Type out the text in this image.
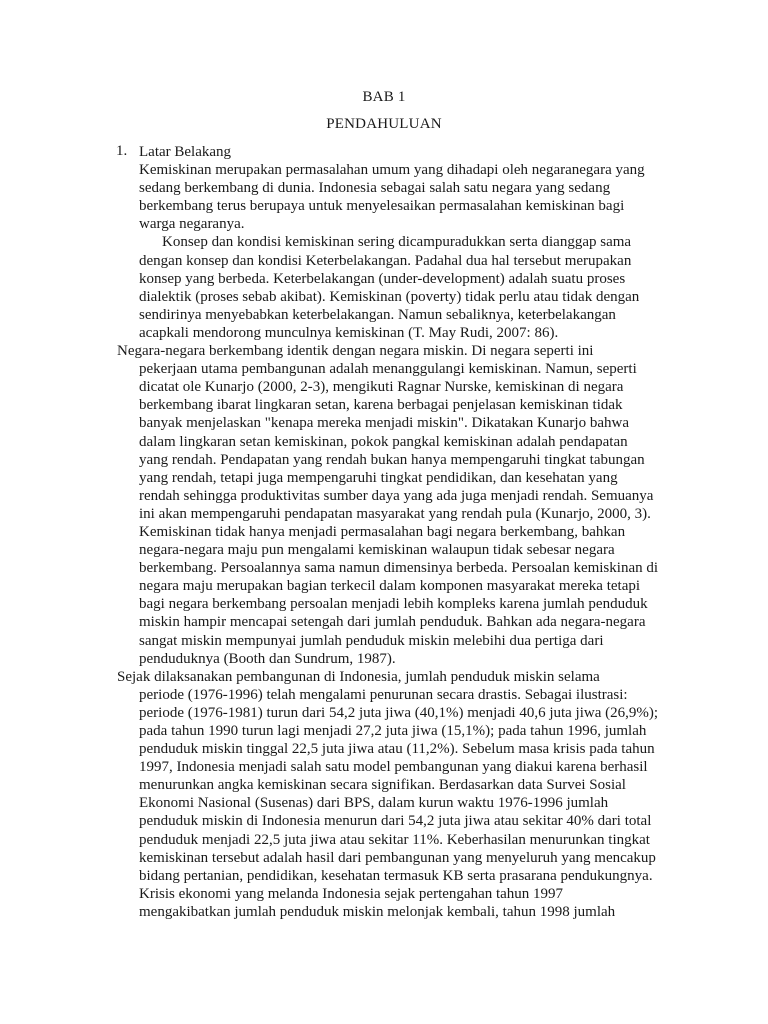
BAB 1
PENDAHULUAN
1. Latar Belakang
Kemiskinan merupakan permasalahan umum yang dihadapi oleh negaranegara yang
sedang berkembang di dunia. Indonesia sebagai salah satu negara yang sedang
berkembang terus berupaya untuk menyelesaikan permasalahan kemiskinan bagi
warga negaranya.
Konsep dan kondisi kemiskinan sering dicampuradukkan serta dianggap sama
dengan konsep dan kondisi Keterbelakangan. Padahal dua hal tersebut merupakan
konsep yang berbeda. Keterbelakangan (under-development) adalah suatu proses
dialektik (proses sebab akibat). Kemiskinan (poverty) tidak perlu atau tidak dengan
sendirinya menyebabkan keterbelakangan. Namun sebaliknya, keterbelakangan
acapkali mendorong munculnya kemiskinan (T. May Rudi, 2007: 86).
Negara-negara berkembang identik dengan negara miskin. Di negara seperti ini
pekerjaan utama pembangunan adalah menanggulangi kemiskinan. Namun, seperti
dicatat ole Kunarjo (2000, 2-3), mengikuti Ragnar Nurske, kemiskinan di negara
berkembang ibarat lingkaran setan, karena berbagai penjelasan kemiskinan tidak
banyak menjelaskan "kenapa mereka menjadi miskin". Dikatakan Kunarjo bahwa
dalam lingkaran setan kemiskinan, pokok pangkal kemiskinan adalah pendapatan
yang rendah. Pendapatan yang rendah bukan hanya mempengaruhi tingkat tabungan
yang rendah, tetapi juga mempengaruhi tingkat pendidikan, dan kesehatan yang
rendah sehingga produktivitas sumber daya yang ada juga menjadi rendah. Semuanya
ini akan mempengaruhi pendapatan masyarakat yang rendah pula (Kunarjo, 2000, 3).
Kemiskinan tidak hanya menjadi permasalahan bagi negara berkembang, bahkan
negara-negara maju pun mengalami kemiskinan walaupun tidak sebesar negara
berkembang. Persoalannya sama namun dimensinya berbeda. Persoalan kemiskinan di
negara maju merupakan bagian terkecil dalam komponen masyarakat mereka tetapi
bagi negara berkembang persoalan menjadi lebih kompleks karena jumlah penduduk
miskin hampir mencapai setengah dari jumlah penduduk. Bahkan ada negara-negara
sangat miskin mempunyai jumlah penduduk miskin melebihi dua pertiga dari
penduduknya (Booth dan Sundrum, 1987).
Sejak dilaksanakan pembangunan di Indonesia, jumlah penduduk miskin selama
periode (1976-1996) telah mengalami penurunan secara drastis. Sebagai ilustrasi:
periode (1976-1981) turun dari 54,2 juta jiwa (40,1%) menjadi 40,6 juta jiwa (26,9%);
pada tahun 1990 turun lagi menjadi 27,2 juta jiwa (15,1%); pada tahun 1996, jumlah
penduduk miskin tinggal 22,5 juta jiwa atau (11,2%). Sebelum masa krisis pada tahun
1997, Indonesia menjadi salah satu model pembangunan yang diakui karena berhasil
menurunkan angka kemiskinan secara signifikan. Berdasarkan data Survei Sosial
Ekonomi Nasional (Susenas) dari BPS, dalam kurun waktu 1976-1996 jumlah
penduduk miskin di Indonesia menurun dari 54,2 juta jiwa atau sekitar 40% dari total
penduduk menjadi 22,5 juta jiwa atau sekitar 11%. Keberhasilan menurunkan tingkat
kemiskinan tersebut adalah hasil dari pembangunan yang menyeluruh yang mencakup
bidang pertanian, pendidikan, kesehatan termasuk KB serta prasarana pendukungnya.
Krisis ekonomi yang melanda Indonesia sejak pertengahan tahun 1997
mengakibatkan jumlah penduduk miskin melonjak kembali, tahun 1998 jumlah
